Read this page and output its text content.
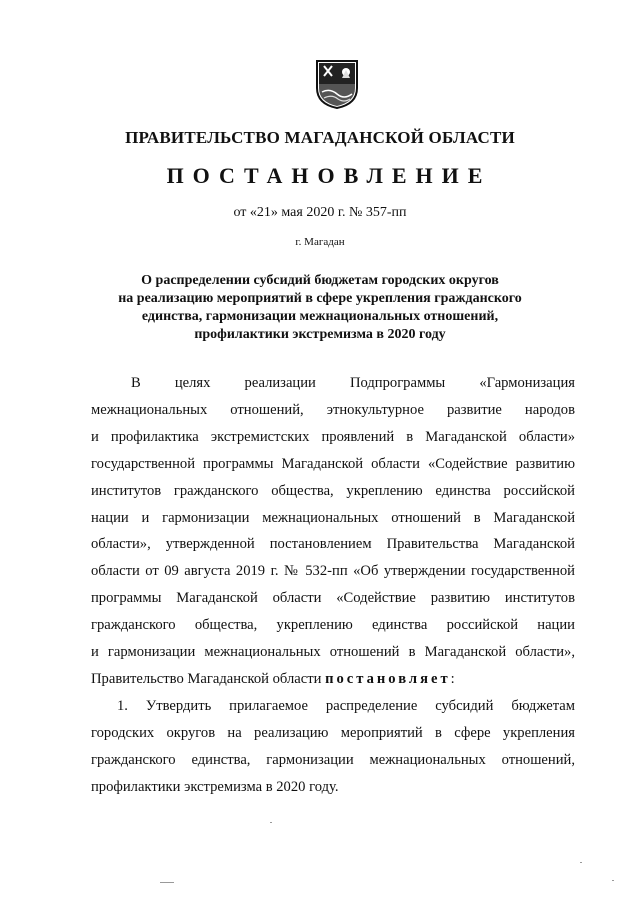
ПРАВИТЕЛЬСТВО МАГАДАНСКОЙ ОБЛАСТИ
ПОСТАНОВЛЕНИЕ
от «21» мая 2020 г. № 357-пп
г. Магадан
О распределении субсидий бюджетам городских округов
на реализацию мероприятий в сфере укрепления гражданского
единства, гармонизации межнациональных отношений,
профилактики экстремизма в 2020 году
В целях реализации Подпрограммы «Гармонизация
межнациональных отношений, этнокультурное развитие народов
и профилактика экстремистских проявлений в Магаданской области»
государственной программы Магаданской области «Содействие развитию
институтов гражданского общества, укреплению единства российской
нации и гармонизации межнациональных отношений в Магаданской
области», утвержденной постановлением Правительства Магаданской
области от 09 августа 2019 г. № 532-пп «Об утверждении государственной
программы Магаданской области «Содействие развитию институтов
гражданского общества, укреплению единства российской нации
и гармонизации межнациональных отношений в Магаданской области»,
Правительство Магаданской области постановляет:
1. Утвердить прилагаемое распределение субсидий бюджетам
городских округов на реализацию мероприятий в сфере укрепления
гражданского единства, гармонизации межнациональных отношений,
профилактики экстремизма в 2020 году.
